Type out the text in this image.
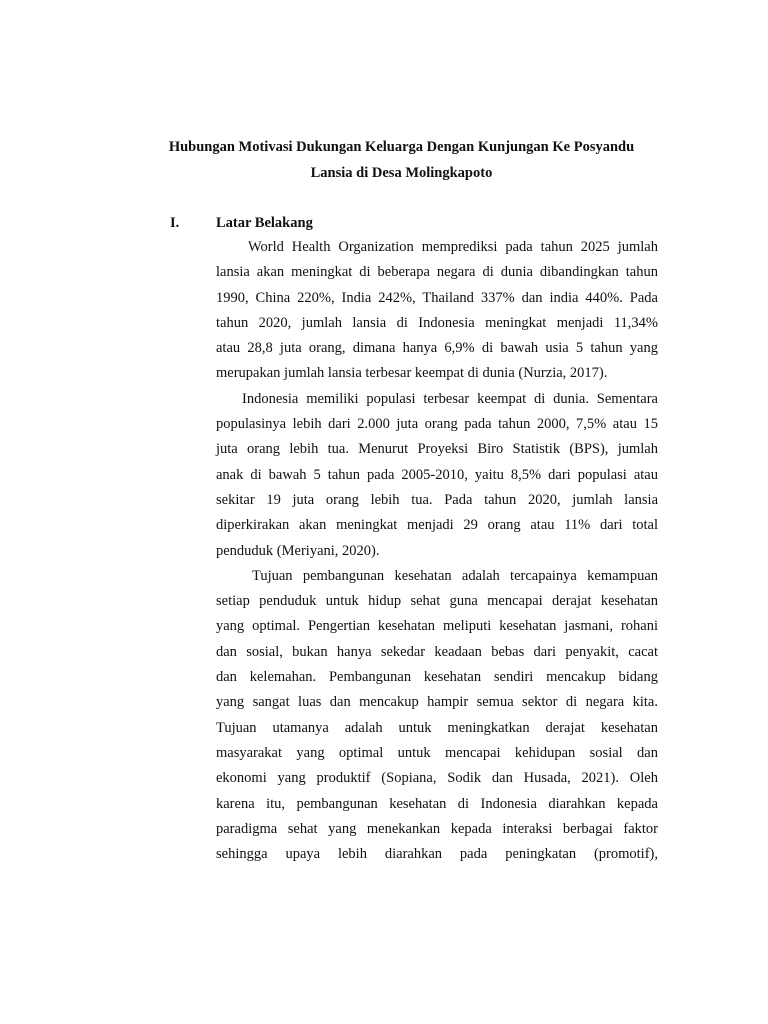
Hubungan Motivasi Dukungan Keluarga Dengan Kunjungan Ke Posyandu
Lansia di Desa Molingkapoto
I.	Latar Belakang
World Health Organization memprediksi pada tahun 2025 jumlah
lansia akan meningkat di beberapa negara di dunia dibandingkan tahun
1990, China 220%, India 242%, Thailand 337% dan india 440%. Pada
tahun 2020, jumlah lansia di Indonesia meningkat menjadi 11,34%
atau 28,8 juta orang, dimana hanya 6,9% di bawah usia 5 tahun yang
merupakan jumlah lansia terbesar keempat di dunia (Nurzia, 2017).
Indonesia memiliki populasi terbesar keempat di dunia. Sementara
populasinya lebih dari 2.000 juta orang pada tahun 2000, 7,5% atau 15
juta orang lebih tua. Menurut Proyeksi Biro Statistik (BPS), jumlah
anak di bawah 5 tahun pada 2005-2010, yaitu 8,5% dari populasi atau
sekitar 19 juta orang lebih tua. Pada tahun 2020, jumlah lansia
diperkirakan akan meningkat menjadi 29 orang atau 11% dari total
penduduk (Meriyani, 2020).
Tujuan pembangunan kesehatan adalah tercapainya kemampuan
setiap penduduk untuk hidup sehat guna mencapai derajat kesehatan
yang optimal. Pengertian kesehatan meliputi kesehatan jasmani, rohani
dan sosial, bukan hanya sekedar keadaan bebas dari penyakit, cacat
dan kelemahan. Pembangunan kesehatan sendiri mencakup bidang
yang sangat luas dan mencakup hampir semua sektor di negara kita.
Tujuan utamanya adalah untuk meningkatkan derajat kesehatan
masyarakat yang optimal untuk mencapai kehidupan sosial dan
ekonomi yang produktif (Sopiana, Sodik dan Husada, 2021). Oleh
karena itu, pembangunan kesehatan di Indonesia diarahkan kepada
paradigma sehat yang menekankan kepada interaksi berbagai faktor
sehingga upaya lebih diarahkan pada peningkatan (promotif),
